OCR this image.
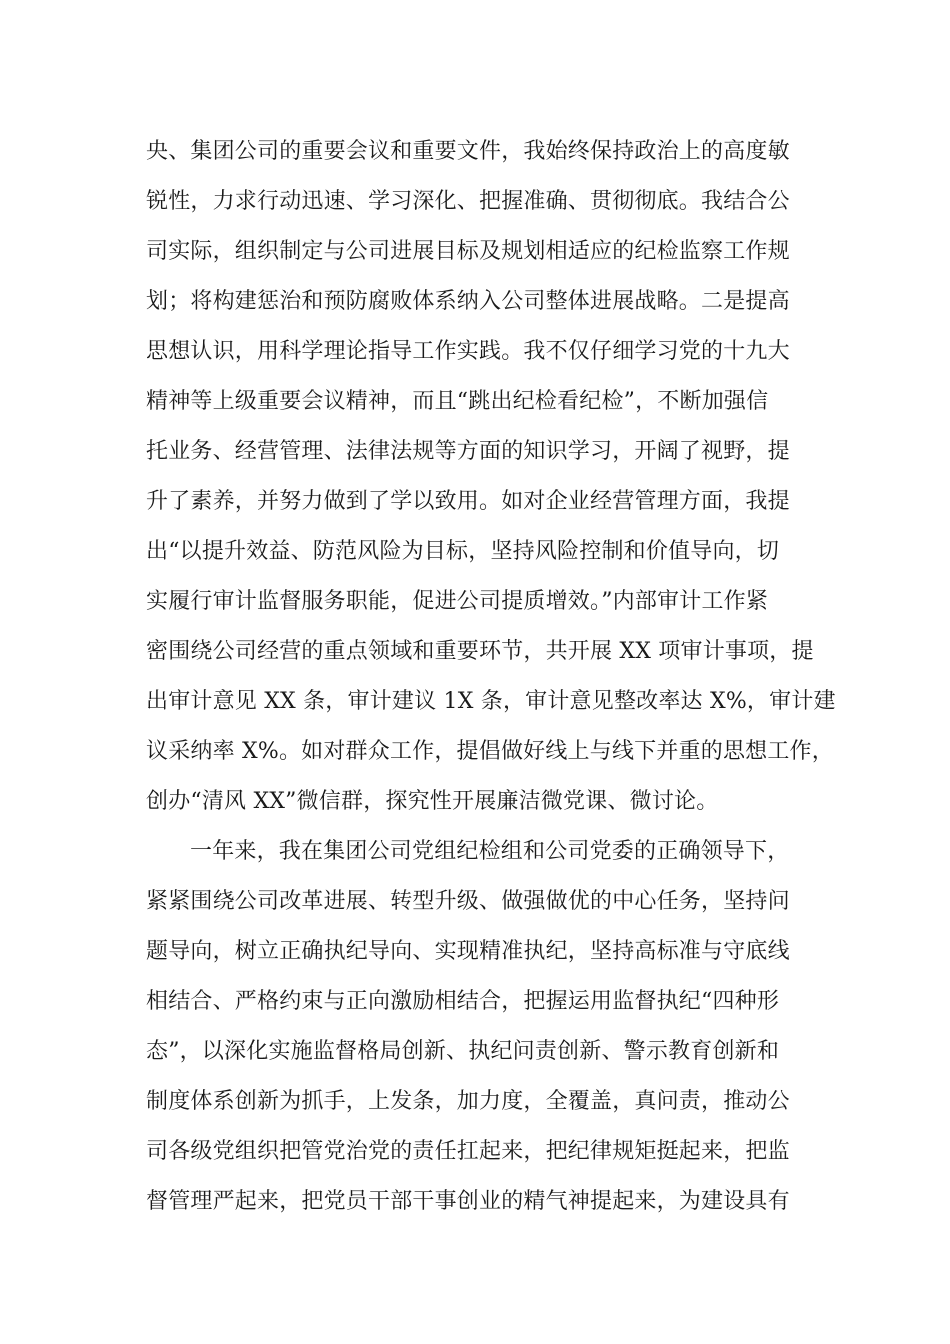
央、集团公司的重要会议和重要文件，我始终保持政治上的高度敏
锐性，力求行动迅速、学习深化、把握准确、贯彻彻底。我结合公
司实际，组织制定与公司进展目标及规划相适应的纪检监察工作规
划；将构建惩治和预防腐败体系纳入公司整体进展战略。二是提高
思想认识，用科学理论指导工作实践。我不仅仔细学习党的十九大
精神等上级重要会议精神，而且“跳出纪检看纪检”，不断加强信
托业务、经营管理、法律法规等方面的知识学习，开阔了视野，提
升了素养，并努力做到了学以致用。如对企业经营管理方面，我提
出“以提升效益、防范风险为目标，坚持风险控制和价值导向，切
实履行审计监督服务职能，促进公司提质增效。”内部审计工作紧
密围绕公司经营的重点领域和重要环节，共开展 XX 项审计事项，提
出审计意见 XX 条，审计建议 1X 条，审计意见整改率达 X%，审计建
议采纳率 X%。如对群众工作，提倡做好线上与线下并重的思想工作，
创办“清风 XX”微信群，探究性开展廉洁微党课、微讨论。
一年来，我在集团公司党组纪检组和公司党委的正确领导下，
紧紧围绕公司改革进展、转型升级、做强做优的中心任务，坚持问
题导向，树立正确执纪导向、实现精准执纪，坚持高标准与守底线
相结合、严格约束与正向激励相结合，把握运用监督执纪“四种形
态”，以深化实施监督格局创新、执纪问责创新、警示教育创新和
制度体系创新为抓手，上发条，加力度，全覆盖，真问责，推动公
司各级党组织把管党治党的责任扛起来，把纪律规矩挺起来，把监
督管理严起来，把党员干部干事创业的精气神提起来，为建设具有
